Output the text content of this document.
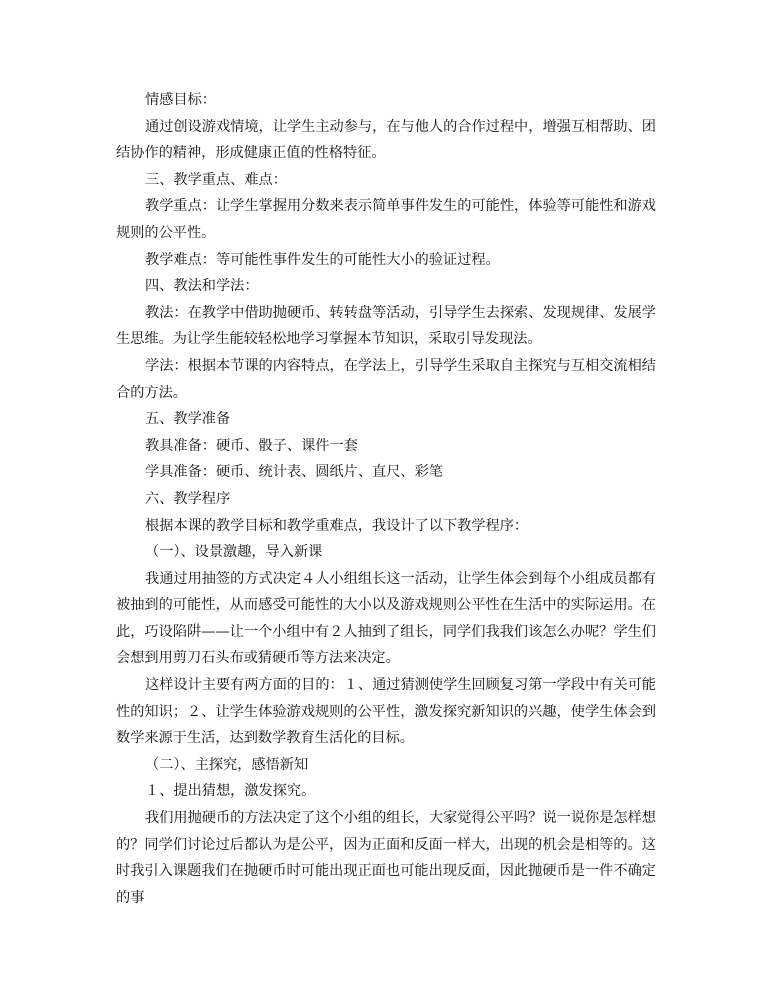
情感目标：

通过创设游戏情境，让学生主动参与，在与他人的合作过程中，增强互相帮助、团结协作的精神，形成健康正值的性格特征。

三、教学重点、难点：

教学重点：让学生掌握用分数来表示简单事件发生的可能性，体验等可能性和游戏规则的公平性。

教学难点：等可能性事件发生的可能性大小的验证过程。

四、教法和学法：

教法：在教学中借助抛硬币、转转盘等活动，引导学生去探索、发现规律、发展学生思维。为让学生能较轻松地学习掌握本节知识，采取引导发现法。

学法：根据本节课的内容特点，在学法上，引导学生采取自主探究与互相交流相结合的方法。

五、教学准备

教具准备：硬币、骰子、课件一套

学具准备：硬币、统计表、圆纸片、直尺、彩笔

六、教学程序

根据本课的教学目标和教学重难点，我设计了以下教学程序：

（一）、设景激趣，导入新课

我通过用抽签的方式决定４人小组组长这一活动，让学生体会到每个小组成员都有被抽到的可能性，从而感受可能性的大小以及游戏规则公平性在生活中的实际运用。在此，巧设陷阱——让一个小组中有２人抽到了组长，同学们我我们该怎么办呢？学生们会想到用剪刀石头布或猜硬币等方法来决定。

这样设计主要有两方面的目的：１、通过猜测使学生回顾复习第一学段中有关可能性的知识；２、让学生体验游戏规则的公平性，激发探究新知识的兴趣，使学生体会到数学来源于生活，达到数学教育生活化的目标。

（二）、主探究，感悟新知

１、提出猜想，激发探究。

我们用抛硬币的方法决定了这个小组的组长，大家觉得公平吗？说一说你是怎样想的？同学们讨论过后都认为是公平，因为正面和反面一样大，出现的机会是相等的。这时我引入课题我们在抛硬币时可能出现正面也可能出现反面，因此抛硬币是一件不确定的事
